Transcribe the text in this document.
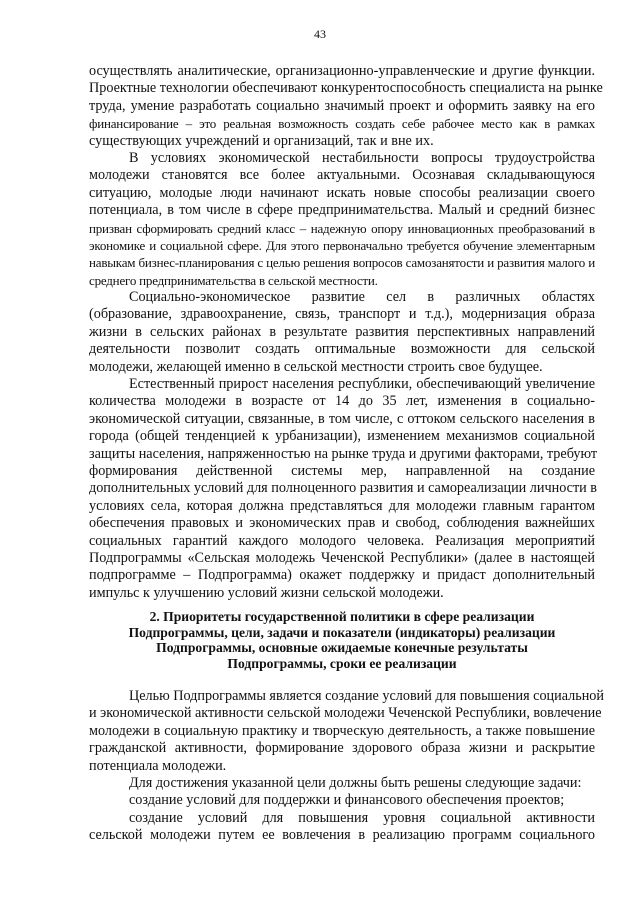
43
осуществлять аналитические, организационно-управленческие и другие функции.
Проектные технологии обеспечивают конкурентоспособность специалиста на рынке
труда, умение разработать социально значимый проект и оформить заявку на его
финансирование – это реальная возможность создать себе рабочее место как в рамках
существующих учреждений и организаций, так и вне их.
В условиях экономической нестабильности вопросы трудоустройства
молодежи становятся все более актуальными. Осознавая складывающуюся
ситуацию, молодые люди начинают искать новые способы реализации своего
потенциала, в том числе в сфере предпринимательства. Малый и средний бизнес
призван сформировать средний класс – надежную опору инновационных преобразований в
экономике и социальной сфере. Для этого первоначально требуется обучение элементарным
навыкам бизнес-планирования с целью решения вопросов самозанятости и развития малого и
среднего предпринимательства в сельской местности.
Социально-экономическое развитие сел в различных областях
(образование, здравоохранение, связь, транспорт и т.д.), модернизация образа
жизни в сельских районах в результате развития перспективных направлений
деятельности позволит создать оптимальные возможности для сельской
молодежи, желающей именно в сельской местности строить свое будущее.
Естественный прирост населения республики, обеспечивающий увеличение
количества молодежи в возрасте от 14 до 35 лет, изменения в социально-
экономической ситуации, связанные, в том числе, с оттоком сельского населения в
города (общей тенденцией к урбанизации), изменением механизмов социальной
защиты населения, напряженностью на рынке труда и другими факторами, требуют
формирования действенной системы мер, направленной на создание
дополнительных условий для полноценного развития и самореализации личности в
условиях села, которая должна представляться для молодежи главным гарантом
обеспечения правовых и экономических прав и свобод, соблюдения важнейших
социальных гарантий каждого молодого человека. Реализация мероприятий
Подпрограммы «Сельская молодежь Чеченской Республики» (далее в настоящей
подпрограмме – Подпрограмма) окажет поддержку и придаст дополнительный
импульс к улучшению условий жизни сельской молодежи.
2. Приоритеты государственной политики в сфере реализации
Подпрограммы, цели, задачи и показатели (индикаторы) реализации
Подпрограммы, основные ожидаемые конечные результаты
Подпрограммы, сроки ее реализации
Целью Подпрограммы является создание условий для повышения социальной
и экономической активности сельской молодежи Чеченской Республики, вовлечение
молодежи в социальную практику и творческую деятельность, а также повышение
гражданской активности, формирование здорового образа жизни и раскрытие
потенциала молодежи.
Для достижения указанной цели должны быть решены следующие задачи:
создание условий для поддержки и финансового обеспечения проектов;
создание условий для повышения уровня социальной активности
сельской молодежи путем ее вовлечения в реализацию программ социального
